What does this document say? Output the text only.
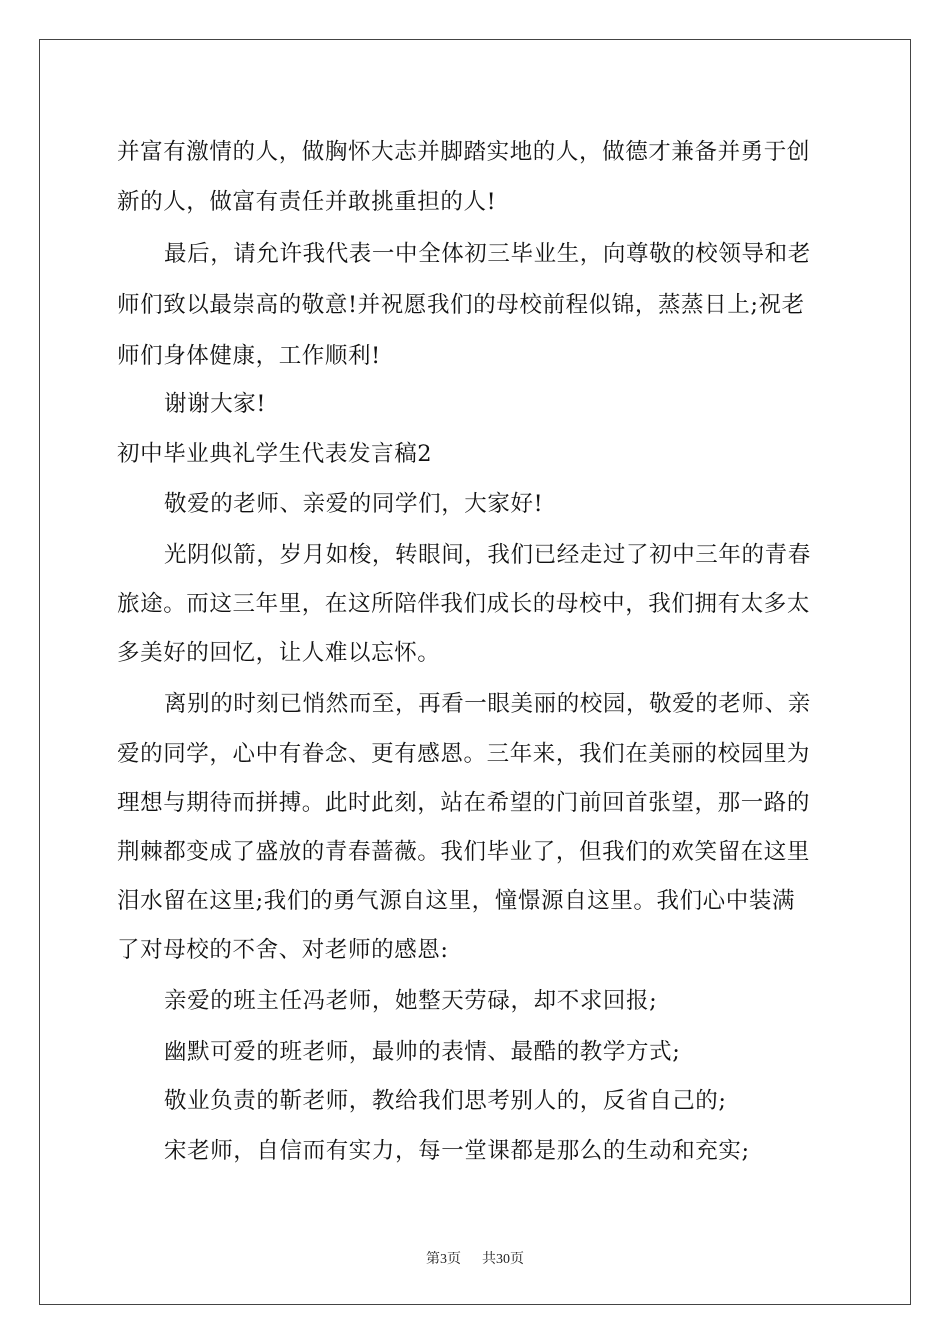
并富有激情的人，做胸怀大志并脚踏实地的人，做德才兼备并勇于创
新的人，做富有责任并敢挑重担的人!
最后，请允许我代表一中全体初三毕业生，向尊敬的校领导和老
师们致以最崇高的敬意!并祝愿我们的母校前程似锦，蒸蒸日上;祝老
师们身体健康，工作顺利!
谢谢大家!
初中毕业典礼学生代表发言稿2
敬爱的老师、亲爱的同学们，大家好!
光阴似箭，岁月如梭，转眼间，我们已经走过了初中三年的青春
旅途。而这三年里，在这所陪伴我们成长的母校中，我们拥有太多太
多美好的回忆，让人难以忘怀。
离别的时刻已悄然而至，再看一眼美丽的校园，敬爱的老师、亲
爱的同学，心中有眷念、更有感恩。三年来，我们在美丽的校园里为
理想与期待而拼搏。此时此刻，站在希望的门前回首张望，那一路的
荆棘都变成了盛放的青春蔷薇。我们毕业了，但我们的欢笑留在这里
泪水留在这里;我们的勇气源自这里，憧憬源自这里。我们心中装满
了对母校的不舍、对老师的感恩:
亲爱的班主任冯老师，她整天劳碌，却不求回报;
幽默可爱的班老师，最帅的表情、最酷的教学方式;
敬业负责的靳老师，教给我们思考别人的，反省自己的;
宋老师，自信而有实力，每一堂课都是那么的生动和充实;
第3页 共30页
